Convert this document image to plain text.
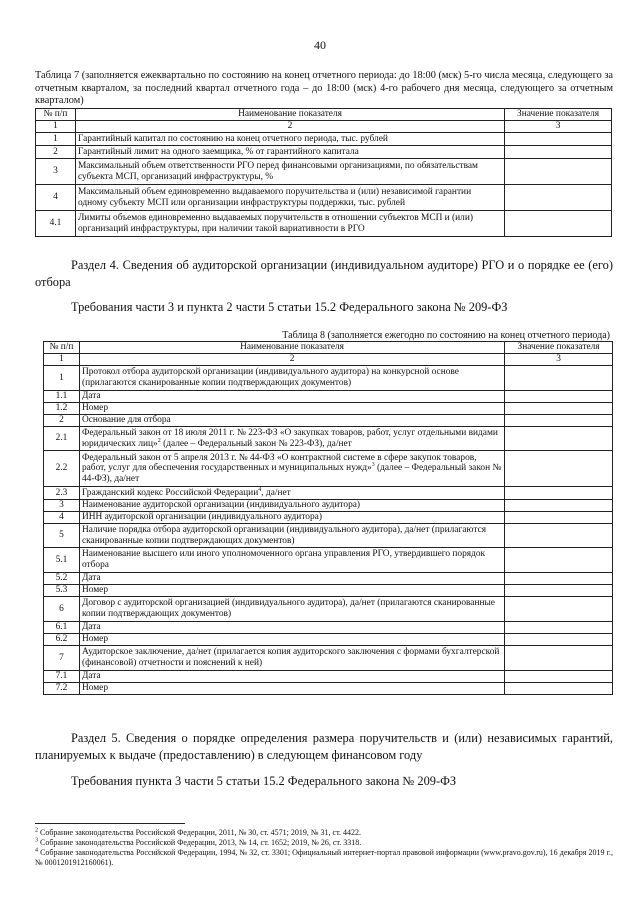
40
Таблица 7 (заполняется ежеквартально по состоянию на конец отчетного периода: до 18:00 (мск) 5-го числа месяца, следующего за отчетным кварталом, за последний квартал отчетного года – до 18:00 (мск) 4-го рабочего дня месяца, следующего за отчетным кварталом)
№ п/п	Наименование показателя	Значение показателя
1	2	3
1	Гарантийный капитал по состоянию на конец отчетного периода, тыс. рублей	
2	Гарантийный лимит на одного заемщика, % от гарантийного капитала	
3	Максимальный объем ответственности РГО перед финансовыми организациями, по обязательствам субъекта МСП, организаций инфраструктуры, %	
4	Максимальный объем единовременно выдаваемого поручительства и (или) независимой гарантии одному субъекту МСП или организации инфраструктуры поддержки, тыс. рублей	
4.1	Лимиты объемов единовременно выдаваемых поручительств в отношении субъектов МСП и (или) организаций инфраструктуры, при наличии такой вариативности в РГО	
Раздел 4. Сведения об аудиторской организации (индивидуальном аудиторе) РГО и о порядке ее (его) отбора
Требования части 3 и пункта 2 части 5 статьи 15.2 Федерального закона № 209-ФЗ
Таблица 8 (заполняется ежегодно по состоянию на конец отчетного периода)
№ п/п	Наименование показателя	Значение показателя
1	2	3
1	Протокол отбора аудиторской организации (индивидуального аудитора) на конкурсной основе (прилагаются сканированные копии подтверждающих документов)	
1.1	Дата	
1.2	Номер	
2	Основание для отбора	
2.1	Федеральный закон от 18 июля 2011 г. № 223-ФЗ «О закупках товаров, работ, услуг отдельными видами юридических лиц»$^2$ (далее – Федеральный закон № 223-ФЗ), да/нет	
2.2	Федеральный закон от 5 апреля 2013 г. № 44-ФЗ «О контрактной системе в сфере закупок товаров, работ, услуг для обеспечения государственных и муниципальных нужд»$^3$ (далее – Федеральный закон № 44-ФЗ), да/нет	
2.3	Гражданский кодекс Российской Федерации$^4$, да/нет	
3	Наименование аудиторской организации (индивидуального аудитора)	
4	ИНН аудиторской организации (индивидуального аудитора)	
5	Наличие порядка отбора аудиторской организации (индивидуального аудитора), да/нет (прилагаются сканированные копии подтверждающих документов)	
5.1	Наименование высшего или иного уполномоченного органа управления РГО, утвердившего порядок отбора	
5.2	Дата	
5.3	Номер	
6	Договор с аудиторской организацией (индивидуального аудитора), да/нет (прилагаются сканированные копии подтверждающих документов)	
6.1	Дата	
6.2	Номер	
7	Аудиторское заключение, да/нет (прилагается копия аудиторского заключения с формами бухгалтерской (финансовой) отчетности и пояснений к ней)	
7.1	Дата	
7.2	Номер	
Раздел 5. Сведения о порядке определения размера поручительств и (или) независимых гарантий, планируемых к выдаче (предоставлению) в следующем финансовом году
Требования пункта 3 части 5 статьи 15.2 Федерального закона № 209-ФЗ
$^2$ Собрание законодательства Российской Федерации, 2011, № 30, ст. 4571; 2019, № 31, ст. 4422.
$^3$ Собрание законодательства Российской Федерации, 2013, № 14, ст. 1652; 2019, № 26, ст. 3318.
$^4$ Собрание законодательства Российской Федерации, 1994, № 32, ст. 3301; Официальный интернет-портал правовой информации (www.pravo.gov.ru), 16 декабря 2019 г., № 0001201912160061).
